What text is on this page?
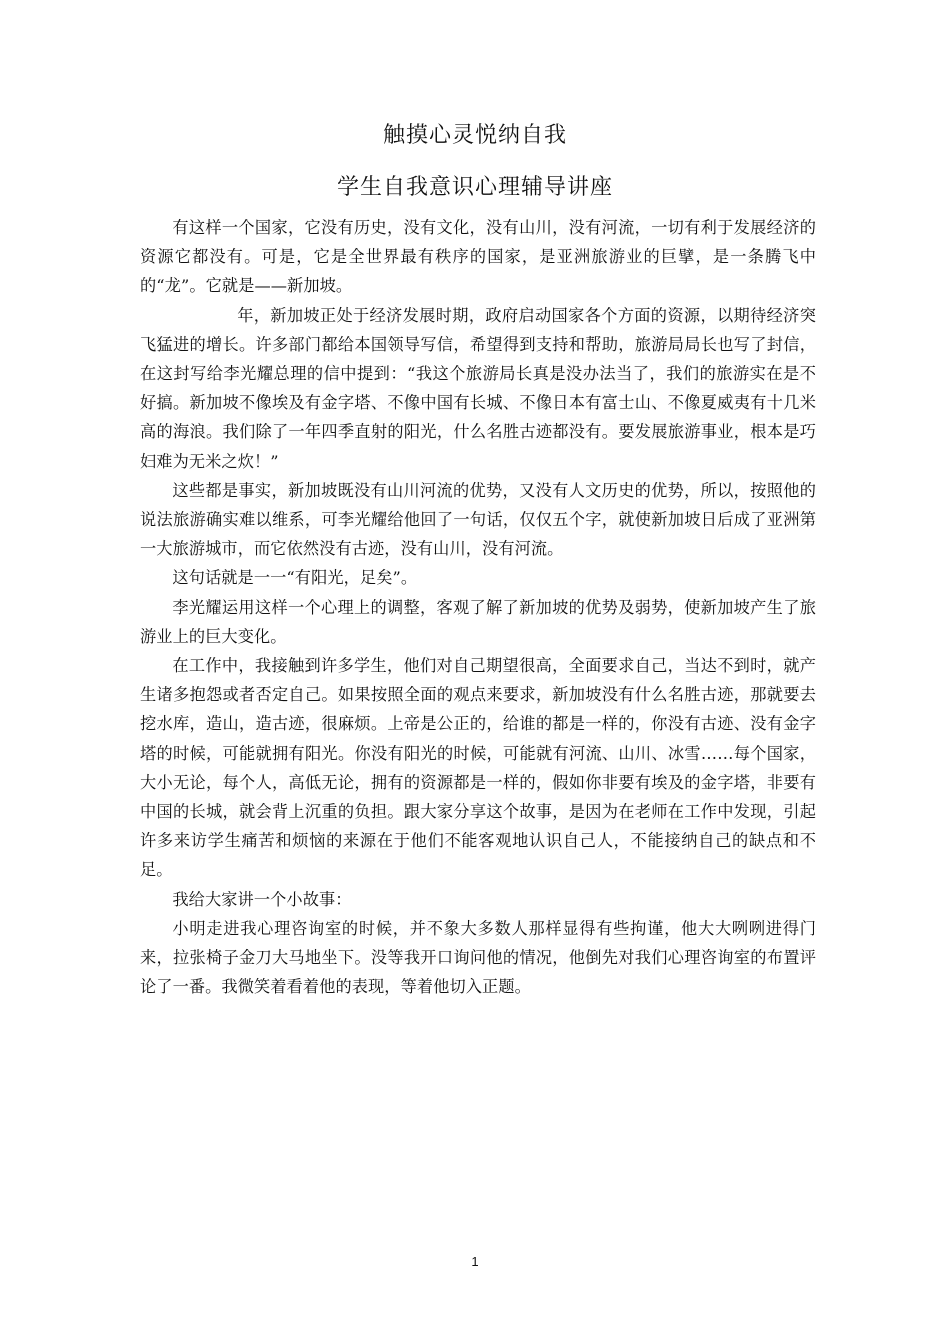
触摸心灵悦纳自我
学生自我意识心理辅导讲座

有这样一个国家，它没有历史，没有文化，没有山川，没有河流，一切有利于发展经济的资源它都没有。可是，它是全世界最有秩序的国家，是亚洲旅游业的巨擘，是一条腾飞中的“龙”。它就是——新加坡。

年，新加坡正处于经济发展时期，政府启动国家各个方面的资源，以期待经济突飞猛进的增长。许多部门都给本国领导写信，希望得到支持和帮助，旅游局局长也写了封信，在这封写给李光耀总理的信中提到：“我这个旅游局长真是没办法当了，我们的旅游实在是不好搞。新加坡不像埃及有金字塔、不像中国有长城、不像日本有富士山、不像夏威夷有十几米高的海浪。我们除了一年四季直射的阳光，什么名胜古迹都没有。要发展旅游事业，根本是巧妇难为无米之炊！”

这些都是事实，新加坡既没有山川河流的优势，又没有人文历史的优势，所以，按照他的说法旅游确实难以维系，可李光耀给他回了一句话，仅仅五个字，就使新加坡日后成了亚洲第一大旅游城市，而它依然没有古迹，没有山川，没有河流。

这句话就是一一“有阳光，足矣”。

李光耀运用这样一个心理上的调整，客观了解了新加坡的优势及弱势，使新加坡产生了旅游业上的巨大变化。

在工作中，我接触到许多学生，他们对自己期望很高，全面要求自己，当达不到时，就产生诸多抱怨或者否定自己。如果按照全面的观点来要求，新加坡没有什么名胜古迹，那就要去挖水库，造山，造古迹，很麻烦。上帝是公正的，给谁的都是一样的，你没有古迹、没有金字塔的时候，可能就拥有阳光。你没有阳光的时候，可能就有河流、山川、冰雪……每个国家，大小无论，每个人，高低无论，拥有的资源都是一样的，假如你非要有埃及的金字塔，非要有中国的长城，就会背上沉重的负担。跟大家分享这个故事，是因为在老师在工作中发现，引起许多来访学生痛苦和烦恼的来源在于他们不能客观地认识自己人，不能接纳自己的缺点和不足。

我给大家讲一个小故事：

小明走进我心理咨询室的时候，并不象大多数人那样显得有些拘谨，他大大咧咧进得门来，拉张椅子金刀大马地坐下。没等我开口询问他的情况，他倒先对我们心理咨询室的布置评论了一番。我微笑着看着他的表现，等着他切入正题。

1
